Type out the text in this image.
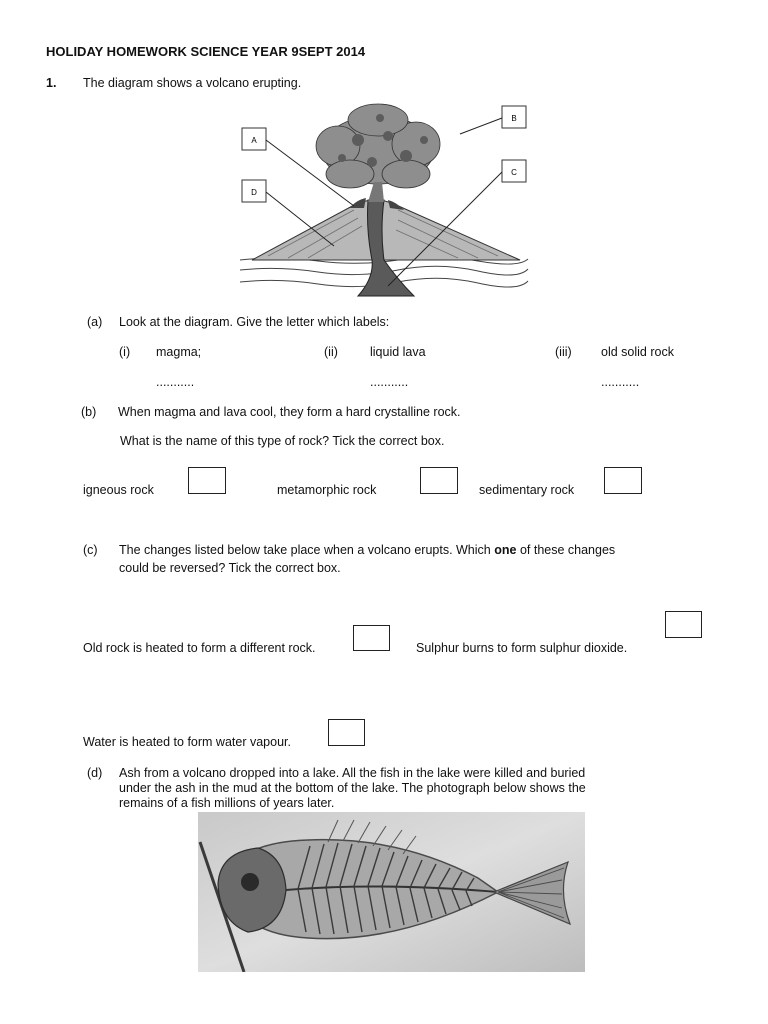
HOLIDAY HOMEWORK SCIENCE YEAR 9SEPT 2014
1. The diagram shows a volcano erupting.
A
D
B
C
(a) Look at the diagram. Give the letter which labels:
(i) magma;
...........
(ii)	liquid lava
...........
(iii) old solid rock
...........
(b) When magma and lava cool, they form a hard crystalline rock.
What is the name of this type of rock? Tick the correct box.
igneous rock	metamorphic rock	sedimentary rock
(c) The changes listed below take place when a volcano erupts. Which one of these changes
could be reversed? Tick the correct box.
Old rock is heated to form a different rock.	Sulphur burns to form sulphur dioxide.
Water is heated to form water vapour.
(d) Ash from a volcano dropped into a lake. All the fish in the lake were killed and buried
under the ash in the mud at the bottom of the lake. The photograph below shows the
remains of a fish millions of years later.
